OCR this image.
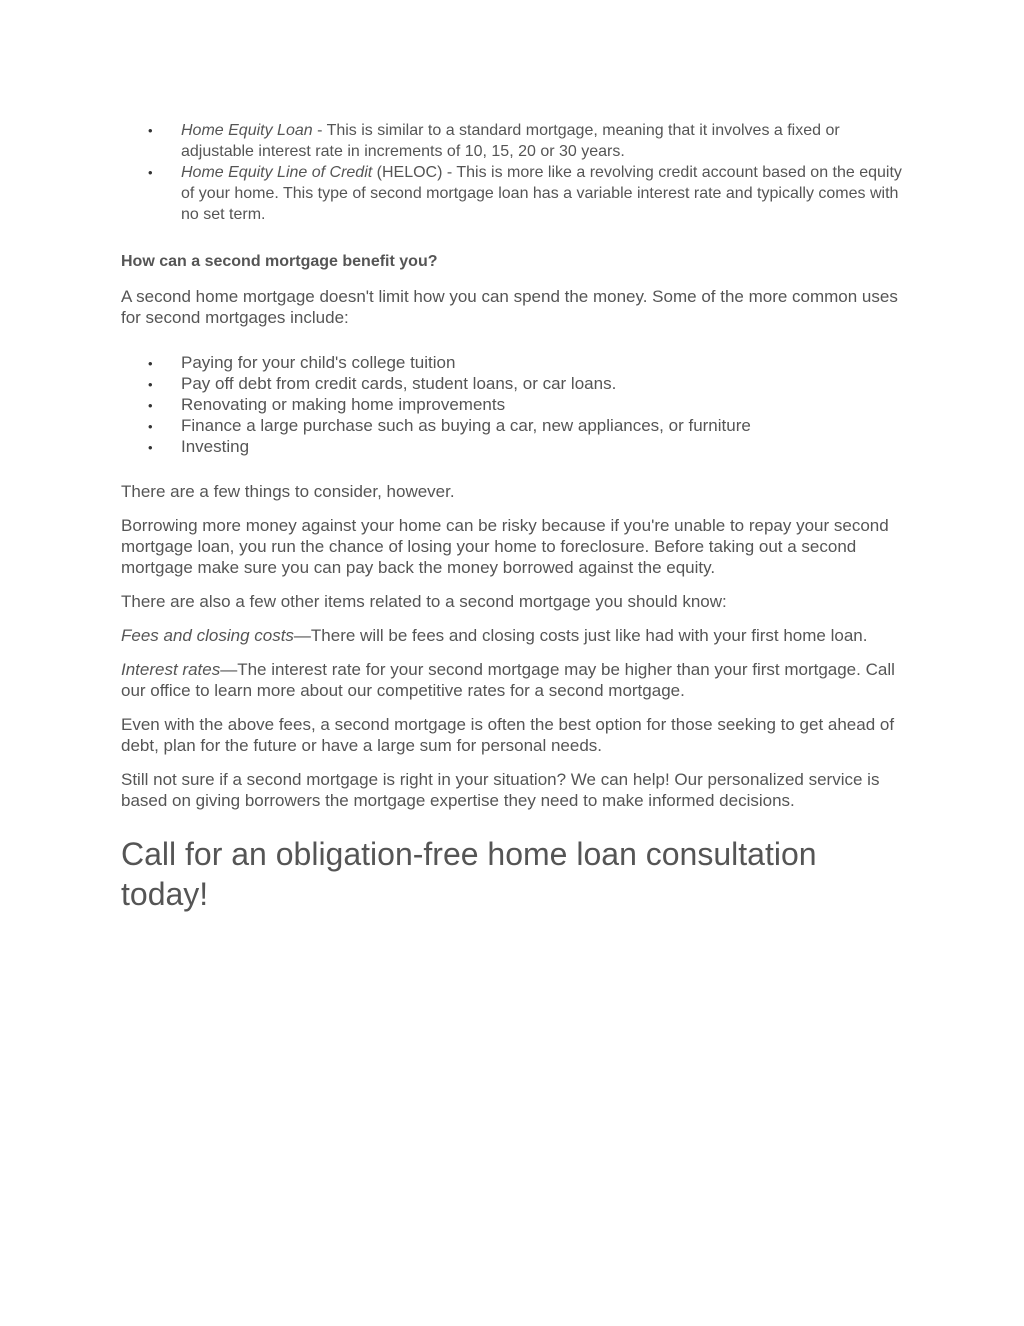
• Home Equity Loan - This is similar to a standard mortgage, meaning that it involves a fixed or adjustable interest rate in increments of 10, 15, 20 or 30 years.
• Home Equity Line of Credit (HELOC) - This is more like a revolving credit account based on the equity of your home. This type of second mortgage loan has a variable interest rate and typically comes with no set term.
How can a second mortgage benefit you?

A second home mortgage doesn't limit how you can spend the money. Some of the more common uses for second mortgages include:

• Paying for your child's college tuition
• Pay off debt from credit cards, student loans, or car loans.
• Renovating or making home improvements
• Finance a large purchase such as buying a car, new appliances, or furniture
• Investing

There are a few things to consider, however.

Borrowing more money against your home can be risky because if you're unable to repay your second mortgage loan, you run the chance of losing your home to foreclosure. Before taking out a second mortgage make sure you can pay back the money borrowed against the equity.

There are also a few other items related to a second mortgage you should know:

Fees and closing costs—There will be fees and closing costs just like had with your first home loan.

Interest rates—The interest rate for your second mortgage may be higher than your first mortgage. Call our office to learn more about our competitive rates for a second mortgage.

Even with the above fees, a second mortgage is often the best option for those seeking to get ahead of debt, plan for the future or have a large sum for personal needs.

Still not sure if a second mortgage is right in your situation? We can help! Our personalized service is based on giving borrowers the mortgage expertise they need to make informed decisions.

Call for an obligation-free home loan consultation today!
